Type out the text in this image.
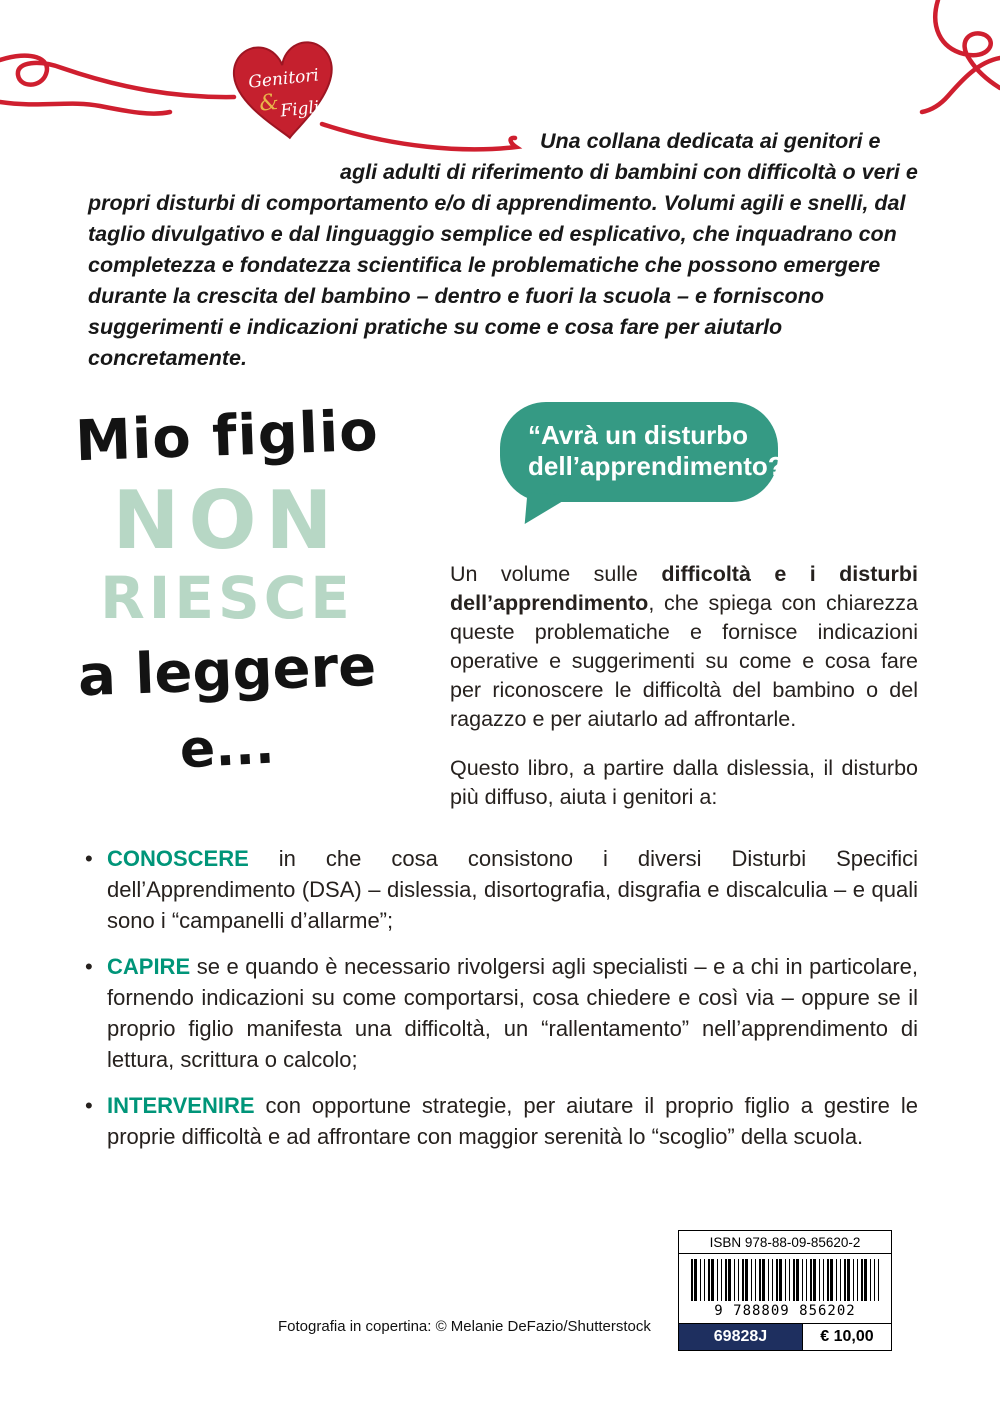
Genitori
& Figli

Una collana dedicata ai genitori e agli adulti di riferimento di bambini con difficoltà o veri e propri disturbi di comportamento e/o di apprendimento. Volumi agili e snelli, dal taglio divulgativo e dal linguaggio semplice ed esplicativo, che inquadrano con completezza e fondatezza scientifica le problematiche che possono emergere durante la crescita del bambino – dentro e fuori la scuola – e forniscono suggerimenti e indicazioni pratiche su come e cosa fare per aiutarlo concretamente.

Mio figlio
NON
RIESCE
a leggere
e...
“Avrà un disturbo dell’apprendimento?”

Un volume sulle difficoltà e i disturbi dell’apprendimento, che spiega con chiarezza queste problematiche e fornisce indicazioni operative e suggerimenti su come e cosa fare per riconoscere le difficoltà del bambino o del ragazzo e per aiutarlo ad affrontarle.

Questo libro, a partire dalla dislessia, il disturbo più diffuso, aiuta i genitori a:

• CONOSCERE in che cosa consistono i diversi Disturbi Specifici dell’Apprendimento (DSA) – dislessia, disortografia, disgrafia e discalculia – e quali sono i “campanelli d’allarme”;
• CAPIRE se e quando è necessario rivolgersi agli specialisti – e a chi in particolare, fornendo indicazioni su come comportarsi, cosa chiedere e così via – oppure se il proprio figlio manifesta una difficoltà, un “rallentamento” nell’apprendimento di lettura, scrittura o calcolo;
• INTERVENIRE con opportune strategie, per aiutare il proprio figlio a gestire le proprie difficoltà e ad affrontare con maggior serenità lo “scoglio” della scuola.
Fotografia in copertina: © Melanie DeFazio/Shutterstock
ISBN 978-88-09-85620-2
9 788809 856202
69828J	€ 10,00
